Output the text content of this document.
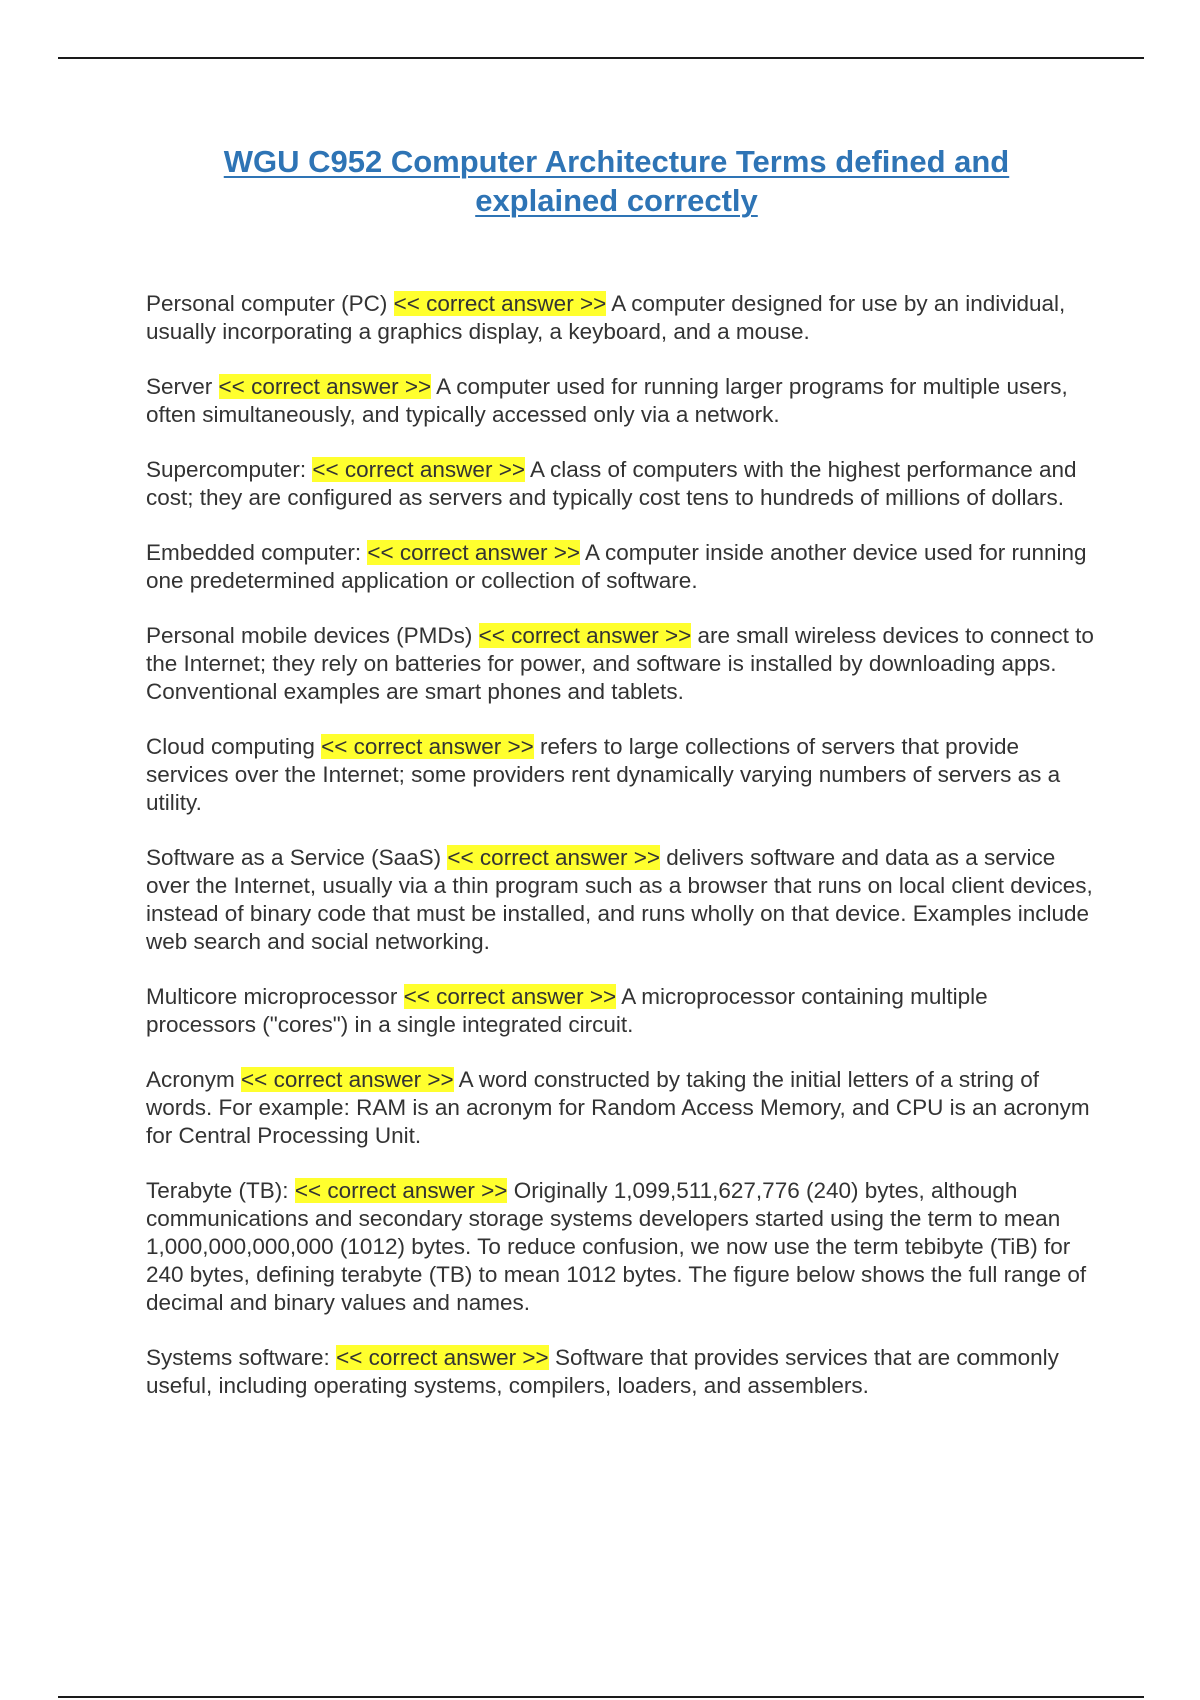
WGU C952 Computer Architecture Terms defined and explained correctly

Personal computer (PC) << correct answer >> A computer designed for use by an individual, usually incorporating a graphics display, a keyboard, and a mouse.

Server << correct answer >> A computer used for running larger programs for multiple users, often simultaneously, and typically accessed only via a network.

Supercomputer: << correct answer >> A class of computers with the highest performance and cost; they are configured as servers and typically cost tens to hundreds of millions of dollars.

Embedded computer: << correct answer >> A computer inside another device used for running one predetermined application or collection of software.

Personal mobile devices (PMDs) << correct answer >> are small wireless devices to connect to the Internet; they rely on batteries for power, and software is installed by downloading apps. Conventional examples are smart phones and tablets.

Cloud computing << correct answer >> refers to large collections of servers that provide services over the Internet; some providers rent dynamically varying numbers of servers as a utility.

Software as a Service (SaaS) << correct answer >> delivers software and data as a service over the Internet, usually via a thin program such as a browser that runs on local client devices, instead of binary code that must be installed, and runs wholly on that device. Examples include web search and social networking.

Multicore microprocessor << correct answer >> A microprocessor containing multiple processors ("cores") in a single integrated circuit.

Acronym << correct answer >> A word constructed by taking the initial letters of a string of words. For example: RAM is an acronym for Random Access Memory, and CPU is an acronym for Central Processing Unit.

Terabyte (TB): << correct answer >> Originally 1,099,511,627,776 (240) bytes, although communications and secondary storage systems developers started using the term to mean 1,000,000,000,000 (1012) bytes. To reduce confusion, we now use the term tebibyte (TiB) for 240 bytes, defining terabyte (TB) to mean 1012 bytes. The figure below shows the full range of decimal and binary values and names.

Systems software: << correct answer >> Software that provides services that are commonly useful, including operating systems, compilers, loaders, and assemblers.
